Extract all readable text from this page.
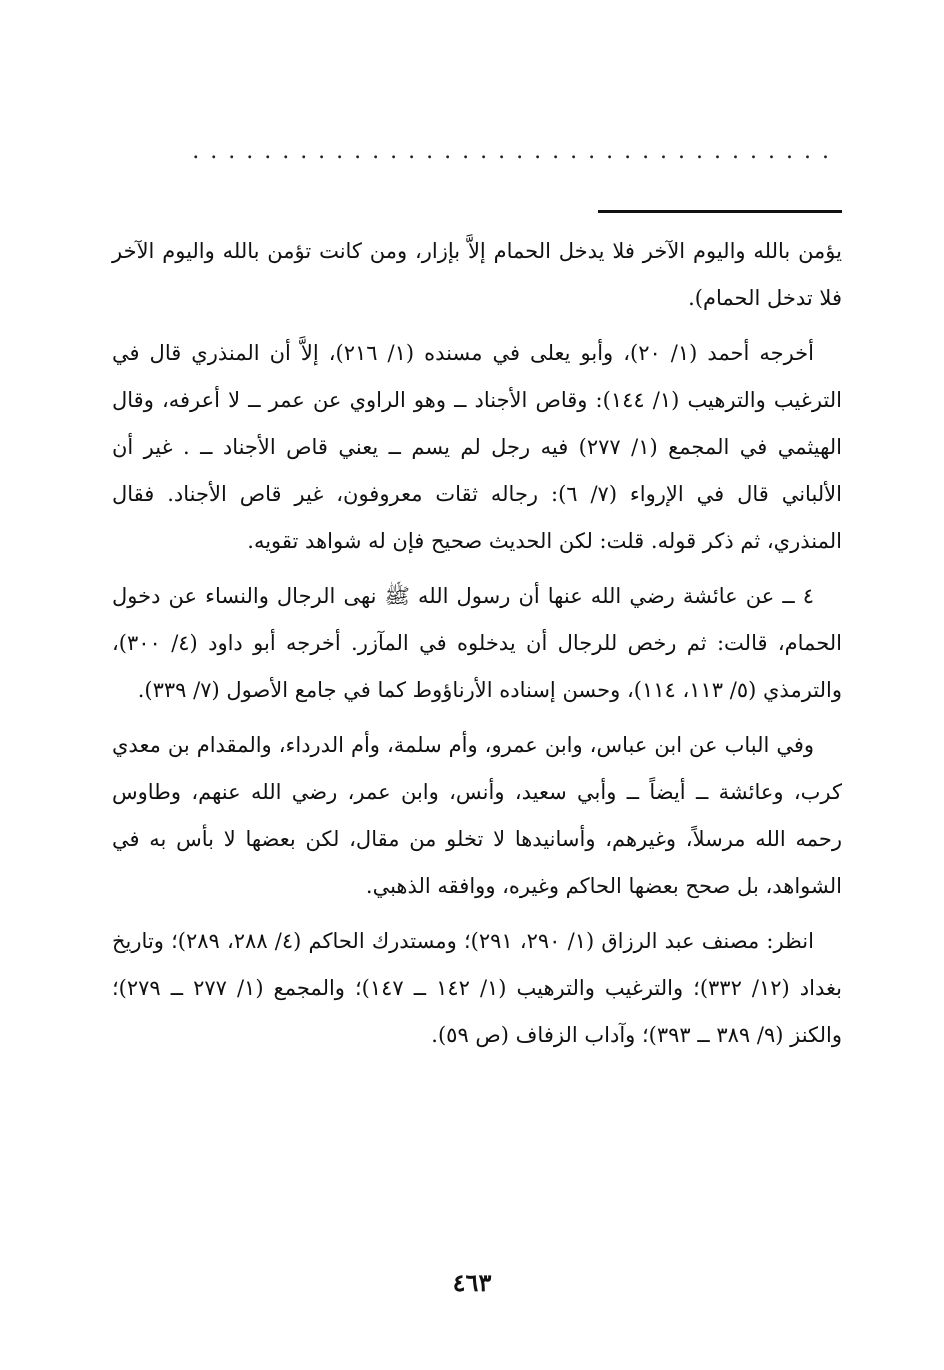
....................................

يؤمن بالله واليوم الآخر فلا يدخل الحمام إلاَّ بإزار، ومن كانت تؤمن بالله واليوم الآخر فلا تدخل الحمام).

أخرجه أحمد (١/ ٢٠)، وأبو يعلى في مسنده (١/ ٢١٦)، إلاَّ أن المنذري قال في الترغيب والترهيب (١/ ١٤٤): وقاص الأجناد ــ وهو الراوي عن عمر ــ لا أعرفه، وقال الهيثمي في المجمع (١/ ٢٧٧) فيه رجل لم يسم ــ يعني قاص الأجناد ــ . غير أن الألباني قال في الإرواء (٧/ ٦): رجاله ثقات معروفون، غير قاص الأجناد. فقال المنذري، ثم ذكر قوله. قلت: لكن الحديث صحيح فإن له شواهد تقويه.

٤ ــ عن عائشة رضي الله عنها أن رسول الله ﷺ نهى الرجال والنساء عن دخول الحمام، قالت: ثم رخص للرجال أن يدخلوه في المآزر. أخرجه أبو داود (٤/ ٣٠٠)، والترمذي (٥/ ١١٣، ١١٤)، وحسن إسناده الأرناؤوط كما في جامع الأصول (٧/ ٣٣٩).

وفي الباب عن ابن عباس، وابن عمرو، وأم سلمة، وأم الدرداء، والمقدام بن معدي كرب، وعائشة ــ أيضاً ــ وأبي سعيد، وأنس، وابن عمر، رضي الله عنهم، وطاوس رحمه الله مرسلاً، وغيرهم، وأسانيدها لا تخلو من مقال، لكن بعضها لا بأس به في الشواهد، بل صحح بعضها الحاكم وغيره، ووافقه الذهبي.

انظر: مصنف عبد الرزاق (١/ ٢٩٠، ٢٩١)؛ ومستدرك الحاكم (٤/ ٢٨٨، ٢٨٩)؛ وتاريخ بغداد (١٢/ ٣٣٢)؛ والترغيب والترهيب (١/ ١٤٢ ــ ١٤٧)؛ والمجمع (١/ ٢٧٧ ــ ٢٧٩)؛ والكنز (٩/ ٣٨٩ ــ ٣٩٣)؛ وآداب الزفاف (ص ٥٩).

٤٦٣
